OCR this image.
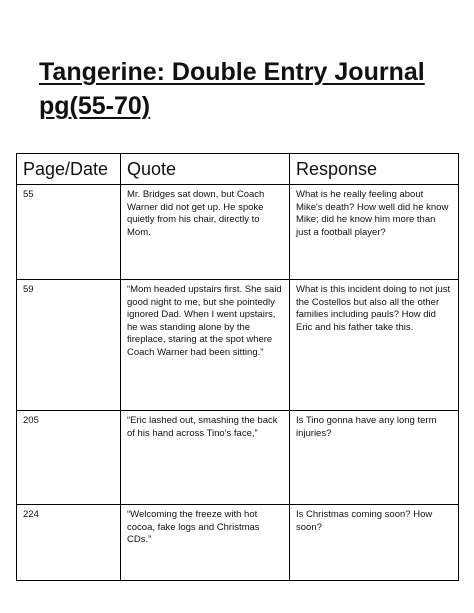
Tangerine: Double Entry Journal
pg(55-70)
Page/Date	Quote	Response
55	Mr. Bridges sat down, but Coach Warner did not get up. He spoke quietly from his chair, directly to Mom.	What is he really feeling about Mike's death? How well did he know Mike; did he know him more than just a football player?
59	“Mom headed upstairs first. She said good night to me, but she pointedly ignored Dad. When I went upstairs, he was standing alone by the fireplace, staring at the spot where Coach Warner had been sitting.”	What is this incident doing to not just the Costellos but also all the other families including pauls? How did Eric and his father take this.
205	“Eric lashed out, smashing the back of his hand across Tino's face,”	Is Tino gonna have any long term injuries?
224	“Welcoming the freeze with hot cocoa, fake logs and Christmas CDs.”	Is Christmas coming soon? How soon?
